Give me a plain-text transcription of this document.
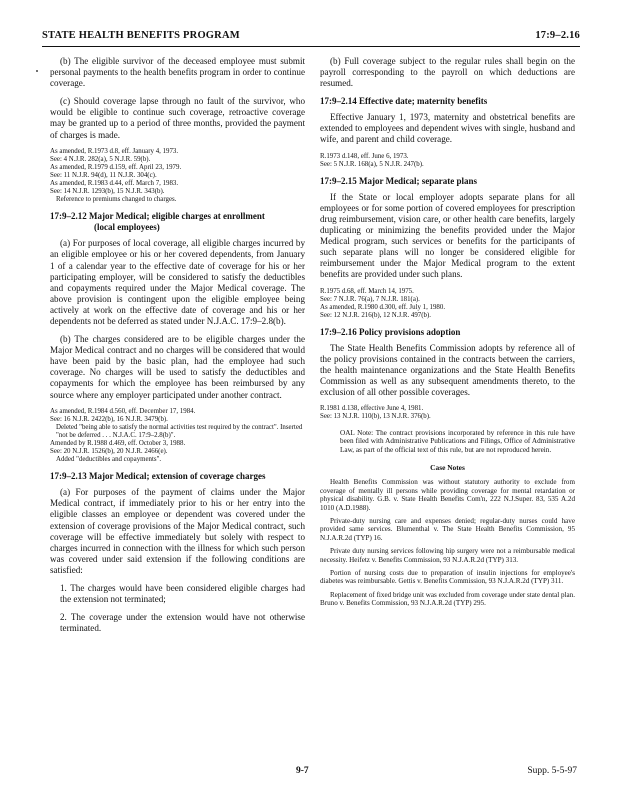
STATE HEALTH BENEFITS PROGRAM	17:9–2.16

(b) The eligible survivor of the deceased employee must submit personal payments to the health benefits program in order to continue coverage.

(c) Should coverage lapse through no fault of the survivor, who would be eligible to continue such coverage, retroactive coverage may be granted up to a period of three months, provided the payment of charges is made.

As amended, R.1973 d.8, eff. January 4, 1973.
See: 4 N.J.R. 282(a), 5 N.J.R. 59(b).
As amended, R.1979 d.159, eff. April 23, 1979.
See: 11 N.J.R. 94(d), 11 N.J.R. 304(c).
As amended, R.1983 d.44, eff. March 7, 1983.
See: 14 N.J.R. 1293(b), 15 N.J.R. 343(b).
Reference to premiums changed to charges.
17:9–2.12 Major Medical; eligible charges at enrollment
(local employees)

(a) For purposes of local coverage, all eligible charges incurred by an eligible employee or his or her covered dependents, from January 1 of a calendar year to the effective date of coverage for his or her participating employer, will be considered to satisfy the deductibles and copayments required under the Major Medical coverage. The above provision is contingent upon the eligible employee being actively at work on the effective date of coverage and his or her dependents not be deferred as stated under N.J.A.C. 17:9–2.8(b).

(b) The charges considered are to be eligible charges under the Major Medical contract and no charges will be considered that would have been paid by the basic plan, had the employee had such coverage. No charges will be used to satisfy the deductibles and copayments for which the employee has been reimbursed by any source where any employer participated under another contract.

As amended, R.1984 d.560, eff. December 17, 1984.
See: 16 N.J.R. 2422(b), 16 N.J.R. 3479(b).
Deleted "being able to satisfy the normal activities test required by the contract". Inserted "not be deferred . . . N.J.A.C. 17:9–2.8(b)".
Amended by R.1988 d.469, eff. October 3, 1988.
See: 20 N.J.R. 1526(b), 20 N.J.R. 2466(e).
Added "deductibles and copayments".
17:9–2.13 Major Medical; extension of coverage charges

(a) For purposes of the payment of claims under the Major Medical contract, if immediately prior to his or her entry into the eligible classes an employee or dependent was covered under the extension of coverage provisions of the Major Medical contract, such coverage will be effective immediately but solely with respect to charges incurred in connection with the illness for which such person was covered under said extension if the following conditions are satisfied:

1. The charges would have been considered eligible charges had the extension not terminated;

2. The coverage under the extension would have not otherwise terminated.

(b) Full coverage subject to the regular rules shall begin on the payroll corresponding to the payroll on which deductions are resumed.

17:9–2.14 Effective date; maternity benefits

Effective January 1, 1973, maternity and obstetrical benefits are extended to employees and dependent wives with single, husband and wife, and parent and child coverage.

R.1973 d.148, eff. June 6, 1973.
See: 5 N.J.R. 168(a), 5 N.J.R. 247(b).
17:9–2.15 Major Medical; separate plans

If the State or local employer adopts separate plans for all employees or for some portion of covered employees for prescription drug reimbursement, vision care, or other health care benefits, largely duplicating or minimizing the benefits provided under the Major Medical program, such services or benefits for the participants of such separate plans will no longer be considered eligible for reimbursement under the Major Medical program to the extent benefits are provided under such plans.

R.1975 d.68, eff. March 14, 1975.
See: 7 N.J.R. 76(a), 7 N.J.R. 181(a).
As amended, R.1980 d.300, eff. July 1, 1980.
See: 12 N.J.R. 216(b), 12 N.J.R. 497(b).
17:9–2.16 Policy provisions adoption

The State Health Benefits Commission adopts by reference all of the policy provisions contained in the contracts between the carriers, the health maintenance organizations and the State Health Benefits Commission as well as any subsequent amendments thereto, to the exclusion of all other possible coverages.

R.1981 d.138, effective June 4, 1981.
See: 13 N.J.R. 110(b), 13 N.J.R. 376(b).

OAL Note: The contract provisions incorporated by reference in this rule have been filed with Administrative Publications and Filings, Office of Administrative Law, as part of the official text of this rule, but are not reproduced herein.

Case Notes

Health Benefits Commission was without statutory authority to exclude from coverage of mentally ill persons while providing coverage for mental retardation or physical disability. G.B. v. State Health Benefits Com'n, 222 N.J.Super. 83, 535 A.2d 1010 (A.D.1988).

Private-duty nursing care and expenses denied; regular-duty nurses could have provided same services. Blumenthal v. The State Health Benefits Commission, 95 N.J.A.R.2d (TYP) 16.

Private duty nursing services following hip surgery were not a reimbursable medical necessity. Heifetz v. Benefits Commission, 93 N.J.A.R.2d (TYP) 313.

Portion of nursing costs due to preparation of insulin injections for employee's diabetes was reimbursable. Gettis v. Benefits Commission, 93 N.J.A.R.2d (TYP) 311.

Replacement of fixed bridge unit was excluded from coverage under state dental plan. Bruno v. Benefits Commission, 93 N.J.A.R.2d (TYP) 295.

9-7	Supp. 5-5-97
